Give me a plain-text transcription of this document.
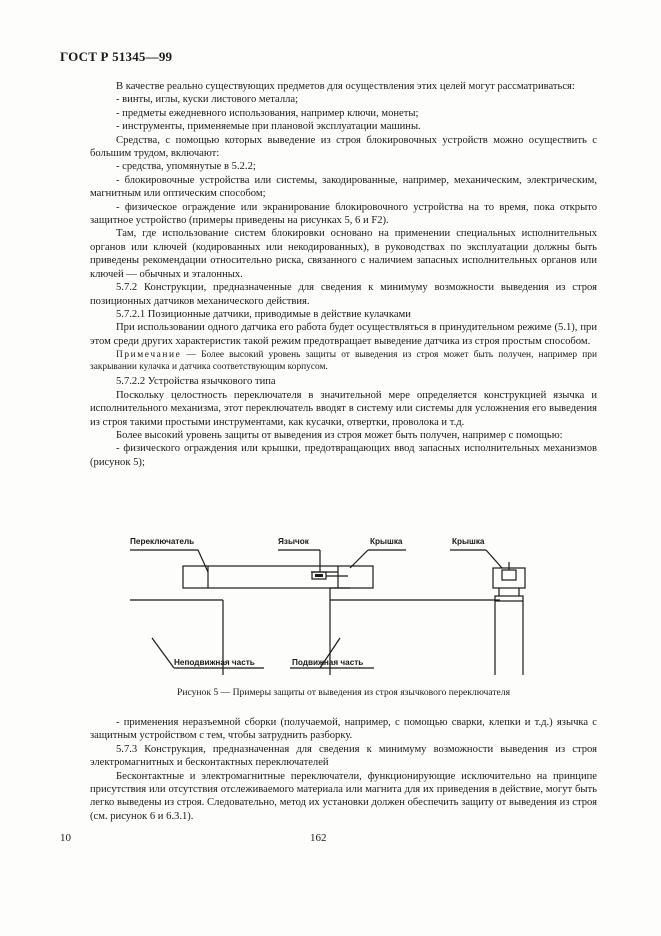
ГОСТ Р 51345—99

В качестве реально существующих предметов для осуществления этих целей могут рассматриваться:

- винты, иглы, куски листового металла;

- предметы ежедневного использования, например ключи, монеты;

- инструменты, применяемые при плановой эксплуатации машины.

Средства, с помощью которых выведение из строя блокировочных устройств можно осуществить с большим трудом, включают:

- средства, упомянутые в 5.2.2;

- блокировочные устройства или системы, закодированные, например, механическим, электрическим, магнитным или оптическим способом;

- физическое ограждение или экранирование блокировочного устройства на то время, пока открыто защитное устройство (примеры приведены на рисунках 5, 6 и F2).

Там, где использование систем блокировки основано на применении специальных исполнительных органов или ключей (кодированных или некодированных), в руководствах по эксплуатации должны быть приведены рекомендации относительно риска, связанного с наличием запасных исполнительных органов или ключей — обычных и эталонных.

5.7.2 Конструкции, предназначенные для сведения к минимуму возможности выведения из строя позиционных датчиков механического действия.

5.7.2.1 Позиционные датчики, приводимые в действие кулачками

При использовании одного датчика его работа будет осуществляться в принудительном режиме (5.1), при этом среди других характеристик такой режим предотвращает выведение датчика из строя простым способом.

Примечание — Более высокий уровень защиты от выведения из строя может быть получен, например при закрывании кулачка и датчика соответствующим корпусом.

5.7.2.2 Устройства язычкового типа

Поскольку целостность переключателя в значительной мере определяется конструкцией язычка и исполнительного механизма, этот переключатель вводят в систему или системы для усложнения его выведения из строя такими простыми инструментами, как кусачки, отвертки, проволока и т.д.

Более высокий уровень защиты от выведения из строя может быть получен, например с помощью:

- физического ограждения или крышки, предотвращающих ввод запасных исполнительных механизмов (рисунок 5);

Переключатель	Язычок	Крышка	Крышка
Неподвижная часть	Подвижная часть
Рисунок 5 — Примеры защиты от выведения из строя язычкового переключателя

- применения неразъемной сборки (получаемой, например, с помощью сварки, клепки и т.д.) язычка с защитным устройством с тем, чтобы затруднить разборку.

5.7.3 Конструкция, предназначенная для сведения к минимуму возможности выведения из строя электромагнитных и бесконтактных переключателей

Бесконтактные и электромагнитные переключатели, функционирующие исключительно на принципе присутствия или отсутствия отслеживаемого материала или магнита для их приведения в действие, могут быть легко выведены из строя. Следовательно, метод их установки должен обеспечить защиту от выведения из строя (см. рисунок 6 и 6.3.1).

10	162
